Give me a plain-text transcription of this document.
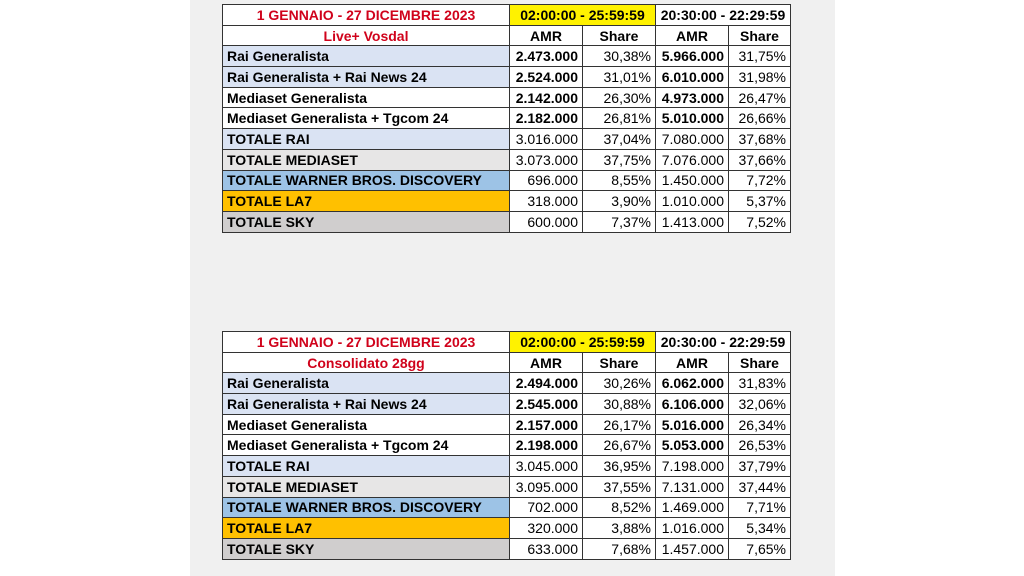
1 GENNAIO - 27 DICEMBRE 2023	02:00:00 - 25:59:59		20:30:00 - 22:29:59	
Live+ Vosdal	AMR	Share	AMR	Share
Rai Generalista	2.473.000	30,38%	5.966.000	31,75%
Rai Generalista + Rai News 24	2.524.000	31,01%	6.010.000	31,98%
Mediaset Generalista	2.142.000	26,30%	4.973.000	26,47%
Mediaset Generalista + Tgcom 24	2.182.000	26,81%	5.010.000	26,66%
TOTALE RAI	3.016.000	37,04%	7.080.000	37,68%
TOTALE MEDIASET	3.073.000	37,75%	7.076.000	37,66%
TOTALE WARNER BROS. DISCOVERY	696.000	8,55%	1.450.000	7,72%
TOTALE LA7	318.000	3,90%	1.010.000	5,37%
TOTALE SKY	600.000	7,37%	1.413.000	7,52%
1 GENNAIO - 27 DICEMBRE 2023	02:00:00 - 25:59:59		20:30:00 - 22:29:59	
Consolidato 28gg	AMR	Share	AMR	Share
Rai Generalista	2.494.000	30,26%	6.062.000	31,83%
Rai Generalista + Rai News 24	2.545.000	30,88%	6.106.000	32,06%
Mediaset Generalista	2.157.000	26,17%	5.016.000	26,34%
Mediaset Generalista + Tgcom 24	2.198.000	26,67%	5.053.000	26,53%
TOTALE RAI	3.045.000	36,95%	7.198.000	37,79%
TOTALE MEDIASET	3.095.000	37,55%	7.131.000	37,44%
TOTALE WARNER BROS. DISCOVERY	702.000	8,52%	1.469.000	7,71%
TOTALE LA7	320.000	3,88%	1.016.000	5,34%
TOTALE SKY	633.000	7,68%	1.457.000	7,65%
